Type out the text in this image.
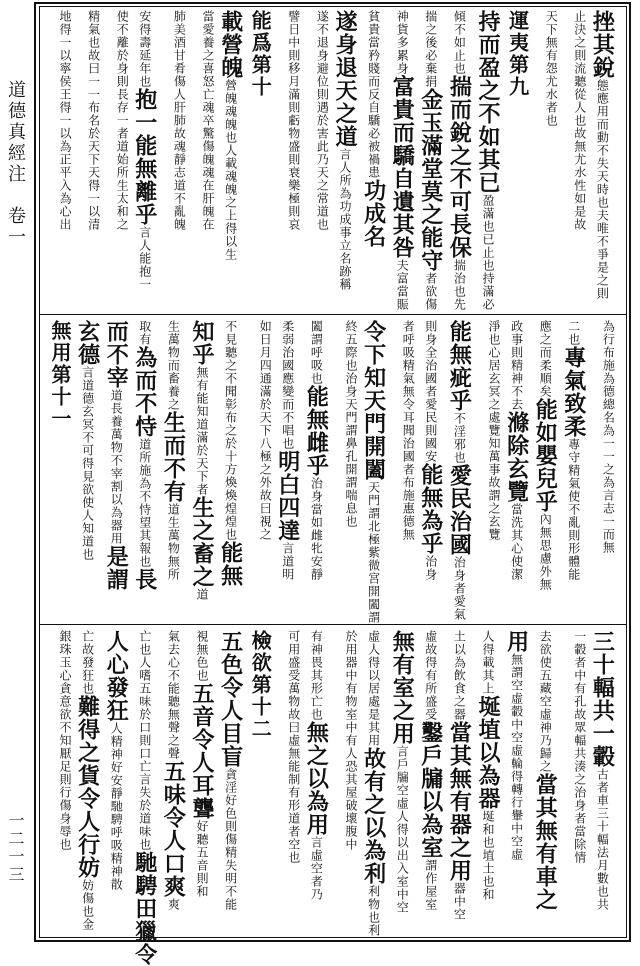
道德真經注　卷一
一二一三
挫其銳態應用而動不失天時也夫唯不爭是之則
止決之則流聽從人也故無尤水性如是故
天下無有怨尤水者也
運夷第九
持而盈之不如其已盈滿也已止也持滿必
傾不如止也揣而銳之不可長保揣治也先
揣之後必棄捐金玉滿堂莫之能守者欲傷
神貨多累身富貴而驕自遺其咎夫富當賑
貧貴當矜賤而反自驕必被禍患功成名
遂身退天之道言人所為功成事立名跡稱
遂不退身避位則遇於害此乃天之常道也
譬日中則移月滿則虧物盛則衰樂極則哀
能爲第十
載營魄營魄魂魄也人載魂魄之上得以生
當愛養之喜怒亡魂卒驚傷魄魂在肝魄在
肺美酒甘肴傷人肝肺故魂靜志道不亂魄
安得壽延年也抱一能無離乎言人能抱一
使不離於身則長存一者道始所生太和之
精氣也故曰一一布名於天下天得一以清
地得一以寧侯王得一以為正平入為心出
為行布施為德總名為一一之為言志一而無
二也專氣致柔專守精氣使不亂則形體能
應之而柔順矣能如嬰兒乎內無思慮外無
政事則精神不去滌除玄覽當洗其心使潔
淨也心居玄冥之處覽知萬事故謂之玄覽
能無疵乎不淫邪也愛民治國治身者愛氣
則身全治國者愛民則國安能無為乎治身
者呼吸精氣無令耳聞治國者布施惠德無
令下知天門開闔天門謂北極紫微宮開闔謂
終五際也治身天門謂鼻孔開謂喘息也
闔謂呼吸也能無雌乎治身當如雌牝安靜
柔弱治國應變而不唱也明白四達言道明
如日月四通滿於天下八極之外故曰視之
不見聽之不聞彰布之於十方煥煥煌煌也能無
知乎無有能知道滿於天下者生之畜之道
生萬物而畜養之生而不有道生萬物無所
取有為而不恃道所施為不恃望其報也長
而不宰道長養萬物不宰割以為器用是謂
玄德言道德玄冥不可得見欲使人知道也
無用第十一
三十輻共一轂古者車三十輻法月數也共
一轂者中有孔故眾輻共湊之治身者當除情
去欲使五藏空虛神乃歸之當其無有車之
用無謂空虛轂中空虛輪得轉行轝中空虛
人得載其上埏埴以為器埏和也埴土也和
土以為飲食之器當其無有器之用器中空
虛故得有所盛受鑿戶牖以為室謂作屋室
無有室之用言戶牖空虛人得以出入室中空
虛人得以居處是其用故有之以為利利物也利
於用器中有物室中有人恐其屋破壞腹中
有神畏其形亡也無之以為用言虛空者乃
可用盛受萬物故曰虛無能制有形道者空也
檢欲第十二
五色令人目盲貪淫好色則傷精失明不能
視無色也五音令人耳聾好聽五音則和
氣去心不能聽無聲之聲五味令人口爽爽
亡也人嗜五味於口則口亡言失於道味也馳騁田獵令
人心發狂人精神好安靜馳騁呼吸精神散
亡故發狂也難得之貨令人行妨妨傷也金
銀珠玉心貪意欲不知厭足則行傷身辱也
